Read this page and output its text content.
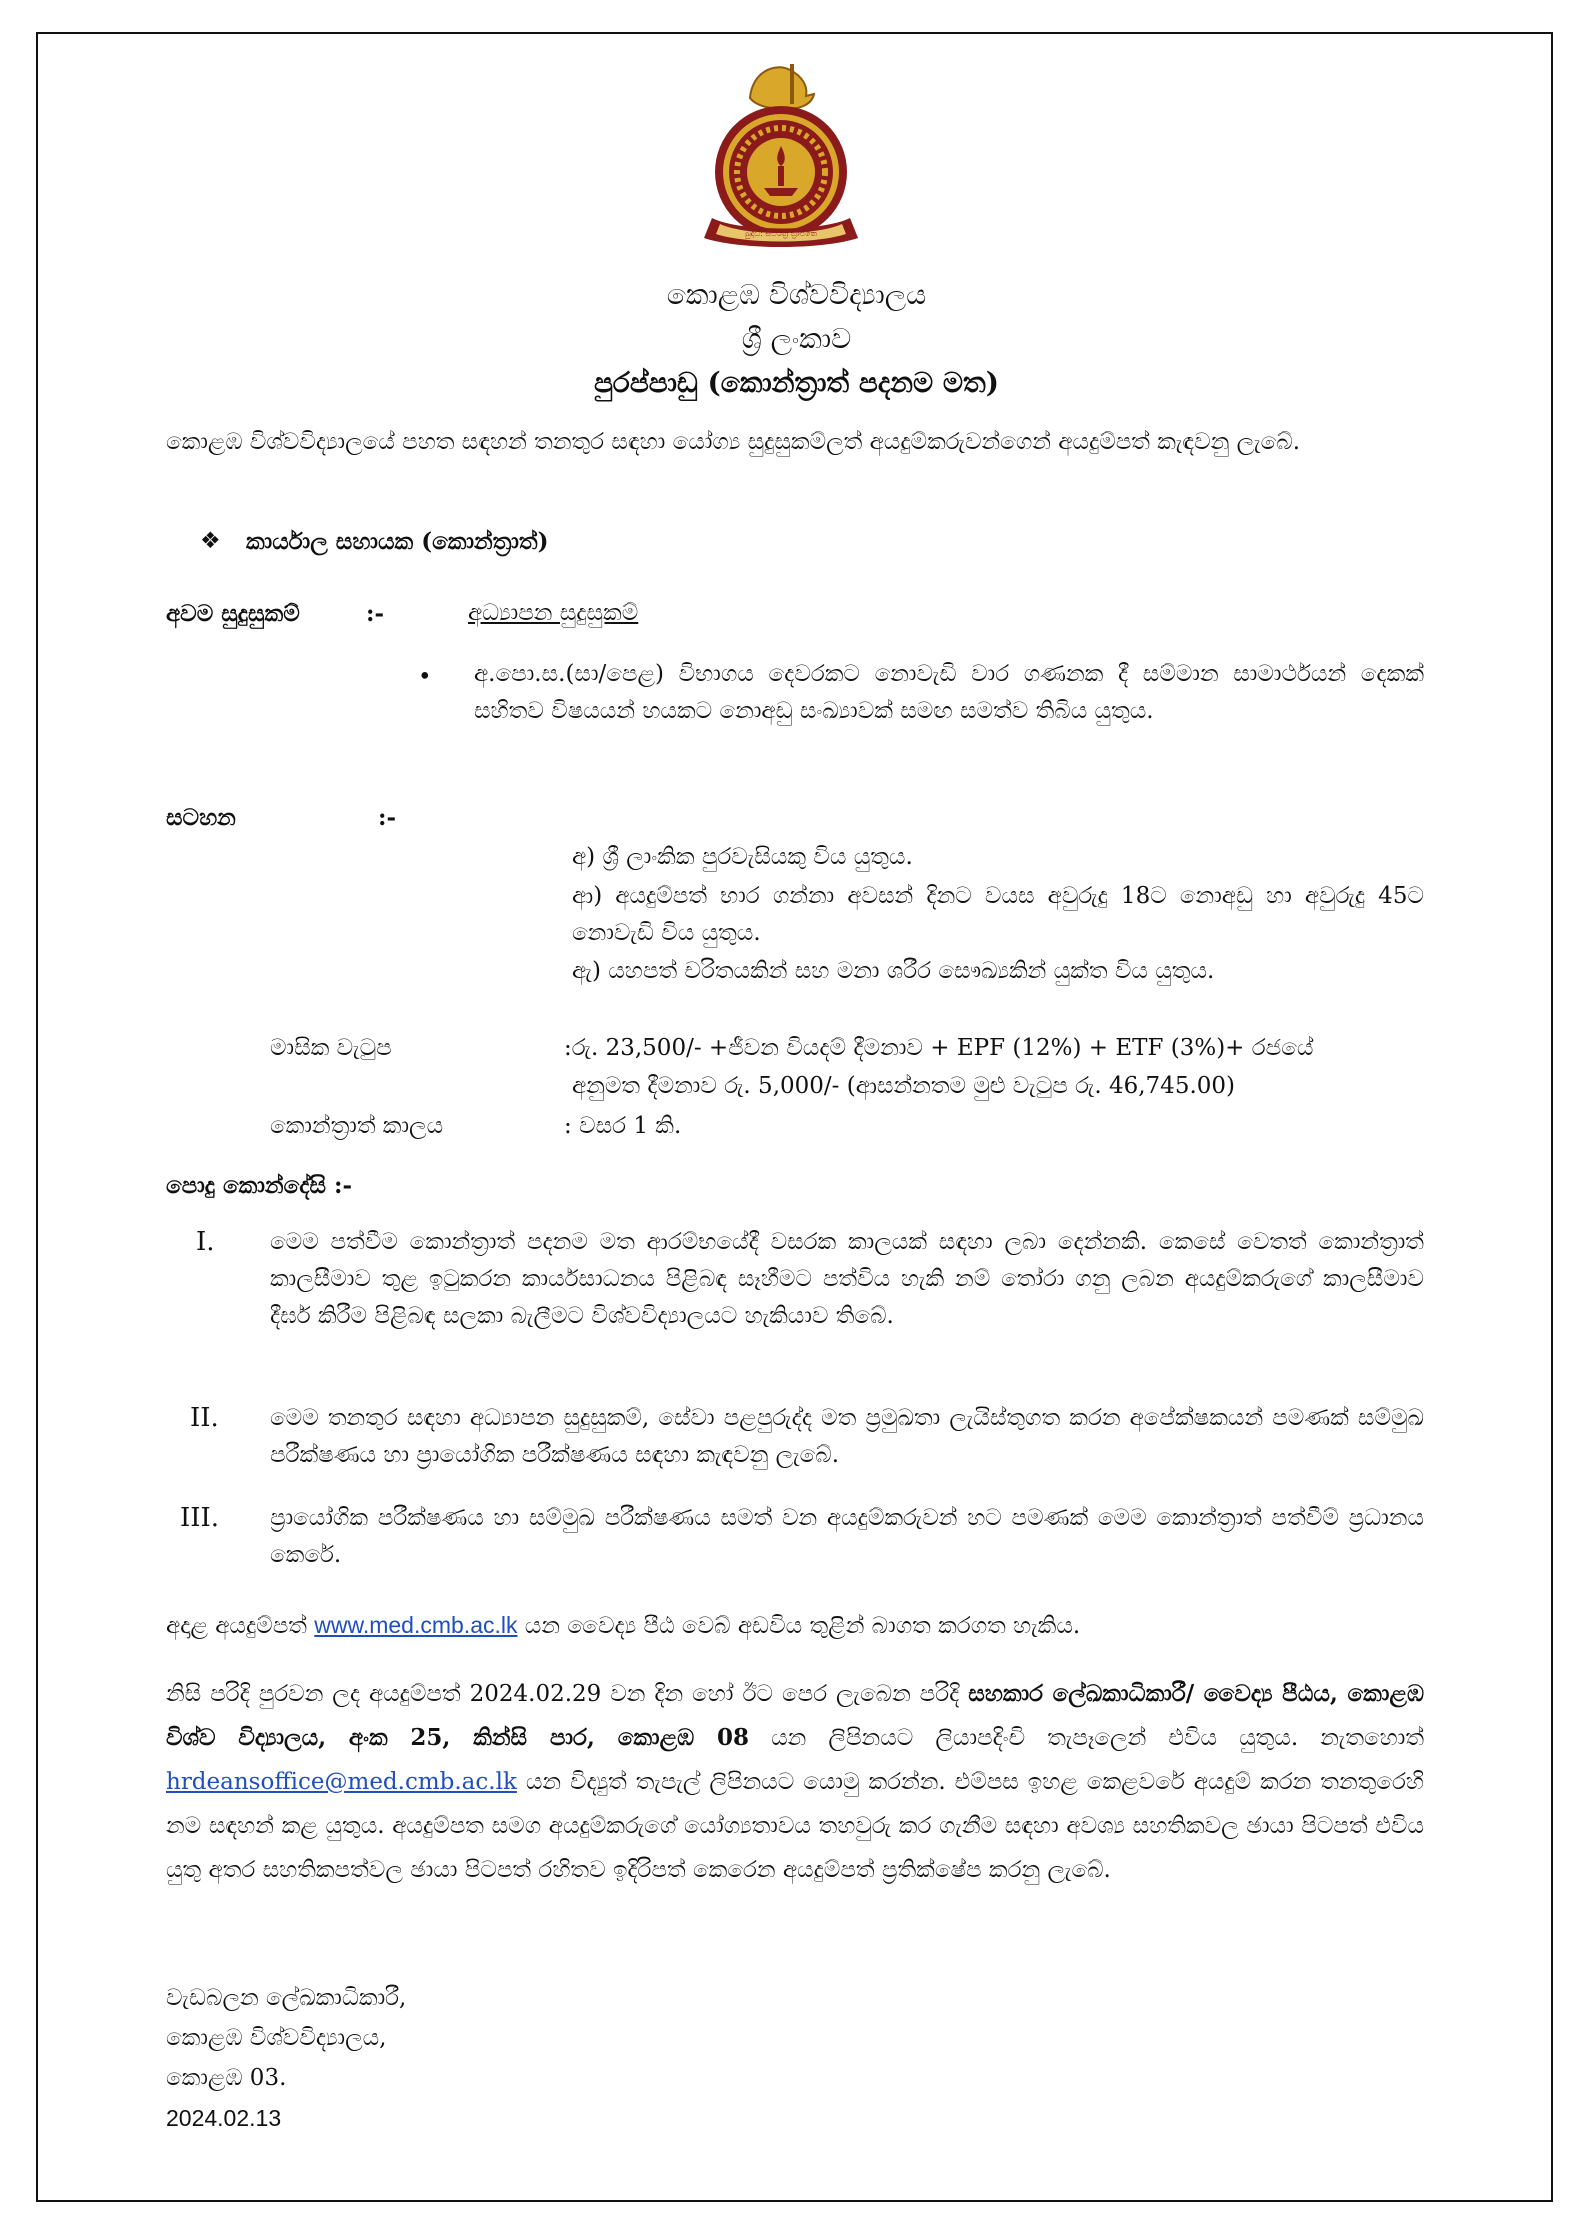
බුද්ධි: සර්වත්‍ර භ්‍රාජතෙ
කොළඹ විශ්වවිද්‍යාලය
ශ්‍රී ලංකාව
පුරප්පාඩු (කොන්ත්‍රාත් පදනම මත)
කොළඹ විශ්වවිද්‍යාලයේ පහත සඳහන් තනතුර සඳහා යෝග්‍ය සුදුසුකම්ලත් අයදුම්කරුවන්ගෙන් අයදුම්පත් කැඳවනු ලැබේ.
❖ කාර්යාල සහායක (කොන්ත්‍රාත්)
අවම සුදුසුකම්	:-	අධ්‍යාපන සුදුසුකම්
• අ.පො.ස.(සා/පෙළ) විභාගය දෙවරකට නොවැඩි වාර ගණනක දී සම්මාන සාමාර්ථයන් දෙකක් සහිතව විෂයයන් හයකට නොඅඩු සංඛ්‍යාවක් සමඟ සමත්ව තිබිය යුතුය.
සටහන	:-
අ) ශ්‍රී ලාංකික පුරවැසියකු විය යුතුය.
ආ) අයදුම්පත් භාර ගන්නා අවසන් දිනට වයස අවුරුදු 18ට නොඅඩු හා අවුරුදු 45ට නොවැඩි විය යුතුය.
ඇ) යහපත් චරිතයකින් සහ මනා ශරීර සෞඛ්‍යකින් යුක්ත විය යුතුය.
මාසික වැටුප	:රු. 23,500/- +ජීවන වියදම් දීමනාව + EPF (12%) + ETF (3%)+ රජයේ
අනුමත දීමනාව රු. 5,000/- (ආසන්නතම මුළු වැටුප රු. 46,745.00)
කොන්ත්‍රාත් කාලය	: වසර 1 කි.
පොදු කොන්දේසි :-
I. මෙම පත්වීම කොන්ත්‍රාත් පදනම මත ආරම්භයේදී වසරක කාලයක් සඳහා ලබා දෙන්නකි. කෙසේ වෙතත් කොන්ත්‍රාත් කාලසීමාව තුළ ඉටුකරන කාර්යසාධනය පිළිබඳ සෑහීමට පත්විය හැකි නම් තෝරා ගනු ලබන අයදුම්කරුගේ කාලසීමාව දීර්ඝ කිරීම පිළිබඳ සලකා බැලීමට විශ්වවිද්‍යාලයට හැකියාව තිබේ.
II. මෙම තනතුර සඳහා අධ්‍යාපන සුදුසුකම්, සේවා පළපුරුද්ද මත ප්‍රමුඛතා ලැයිස්තුගත කරන අපේක්ෂකයන් පමණක් සම්මුඛ පරීක්ෂණය හා ප්‍රායෝගික පරීක්ෂණය සඳහා කැඳවනු ලැබේ.
III. ප්‍රායෝගික පරීක්ෂණය හා සම්මුඛ පරීක්ෂණය සමත් වන අයදුම්කරුවන් හට පමණක් මෙම කොන්ත්‍රාත් පත්වීම් ප්‍රධානය කෙරේ.
අදාළ අයදුම්පත් www.med.cmb.ac.lk යන වෛද්‍ය පීඨ වෙබ් අඩවිය තුළින් බාගත කරගත හැකිය.
නිසි පරිදි පුරවන ලද අයදුම්පත් 2024.02.29 වන දින හෝ ඊට පෙර ලැබෙන පරිදි සහකාර ලේඛකාධිකාරී/ වෛද්‍ය පීඨය, කොළඹ විශ්ව විද්‍යාලය, අංක 25, කින්සි පාර, කොළඹ 08 යන ලිපිනයට ලියාපදිංචි තැපෑලෙන් එවිය යුතුය. නැතහොත් hrdeansoffice@med.cmb.ac.lk යන විද්‍යුත් තැපැල් ලිපිනයට යොමු කරන්න. එම්පස ඉහළ කෙළවරේ අයදුම් කරන තනතුරෙහි නම සඳහන් කළ යුතුය. අයදුම්පත සමග අයදුම්කරුගේ යෝග්‍යතාවය තහවුරු කර ගැනීම සඳහා අවශ්‍ය සහතිකවල ඡායා පිටපත් එවිය යුතු අතර සහතිකපත්වල ඡායා පිටපත් රහිතව ඉදිරිපත් කෙරෙන අයදුම්පත් ප්‍රතික්ෂේප කරනු ලැබේ.
වැඩබලන ලේඛකාධිකාරී,
කොළඹ විශ්වවිද්‍යාලය,
කොළඹ 03.
2024.02.13
